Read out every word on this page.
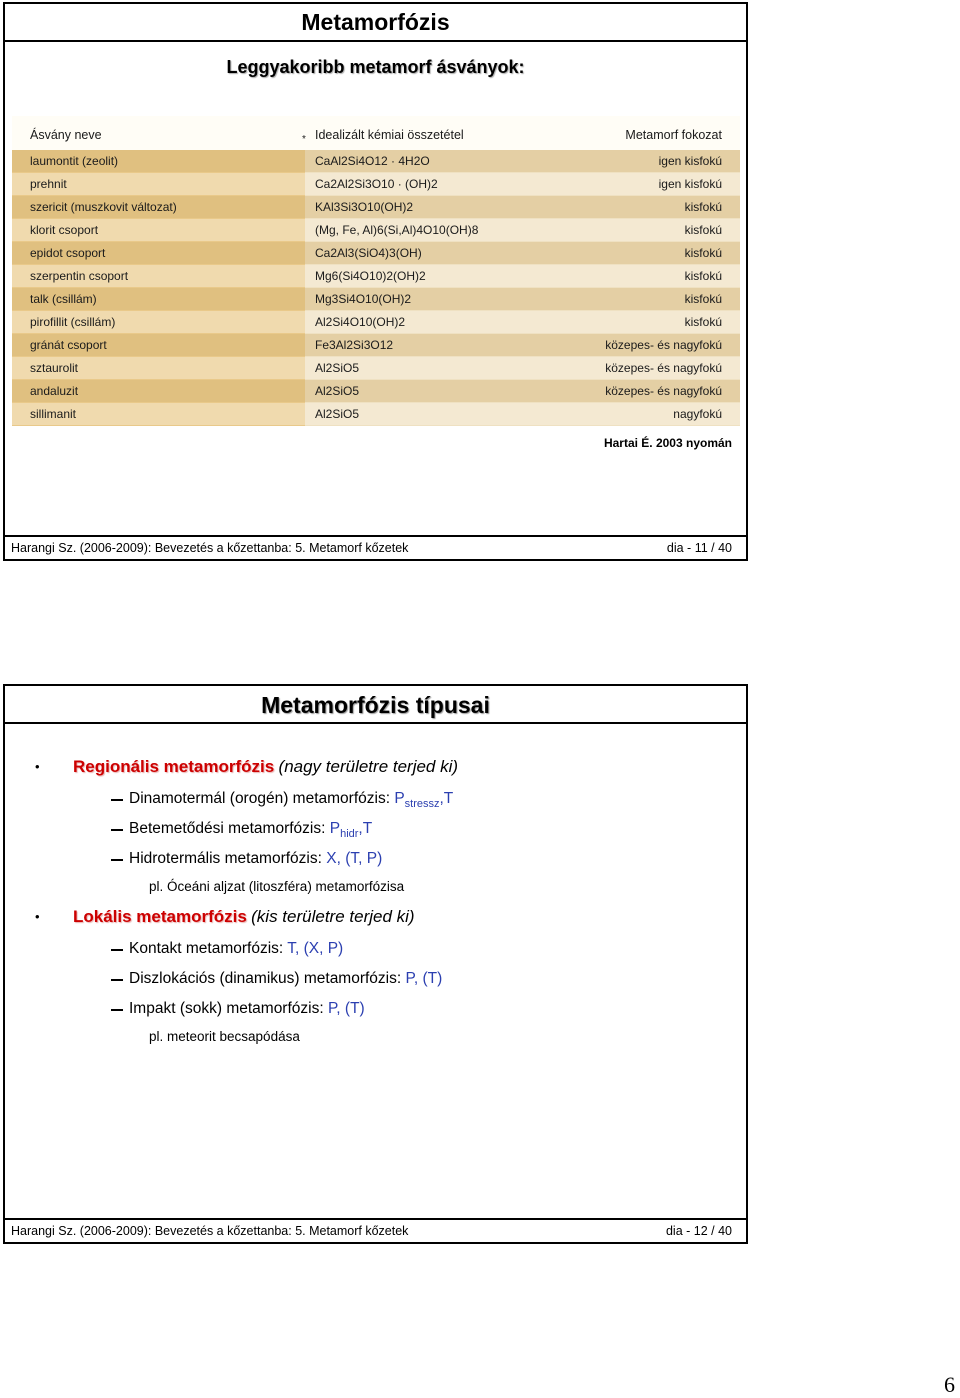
Metamorfózis
Leggyakoribb metamorf ásványok:
Ásvány neve	* Idealizált kémiai összetétel	Metamorf fokozat
laumontit (zeolit)	CaAl2Si4O12 · 4H2O	igen kisfokú
prehnit	Ca2Al2Si3O10 · (OH)2	igen kisfokú
szericit (muszkovit változat)	KAl3Si3O10(OH)2	kisfokú
klorit csoport	(Mg, Fe, Al)6(Si,Al)4O10(OH)8	kisfokú
epidot csoport	Ca2Al3(SiO4)3(OH)	kisfokú
szerpentin csoport	Mg6(Si4O10)2(OH)2	kisfokú
talk (csillám)	Mg3Si4O10(OH)2	kisfokú
pirofillit (csillám)	Al2Si4O10(OH)2	kisfokú
gránát csoport	Fe3Al2Si3O12	közepes- és nagyfokú
sztaurolit	Al2SiO5	közepes- és nagyfokú
andaluzit	Al2SiO5	közepes- és nagyfokú
sillimanit	Al2SiO5	nagyfokú
Hartai É. 2003 nyomán
Harangi Sz. (2006-2009): Bevezetés a kőzettanba: 5. Metamorf kőzetek	dia - 11 / 40
Metamorfózis típusai
• Regionális metamorfózis (nagy területre terjed ki)
Dinamotermál (orogén) metamorfózis: $P_{stressz},T$
Betemetődési metamorfózis: $P_{hidr},T$
Hidrotermális metamorfózis: X, (T, P)
pl. Óceáni aljzat (litoszféra) metamorfózisa
• Lokális metamorfózis (kis területre terjed ki)
Kontakt metamorfózis: T, (X, P)
Diszlokációs (dinamikus) metamorfózis: P, (T)
Impakt (sokk) metamorfózis: P, (T)
pl. meteorit becsapódása
Harangi Sz. (2006-2009): Bevezetés a kőzettanba: 5. Metamorf kőzetek	dia - 12 / 40
6
